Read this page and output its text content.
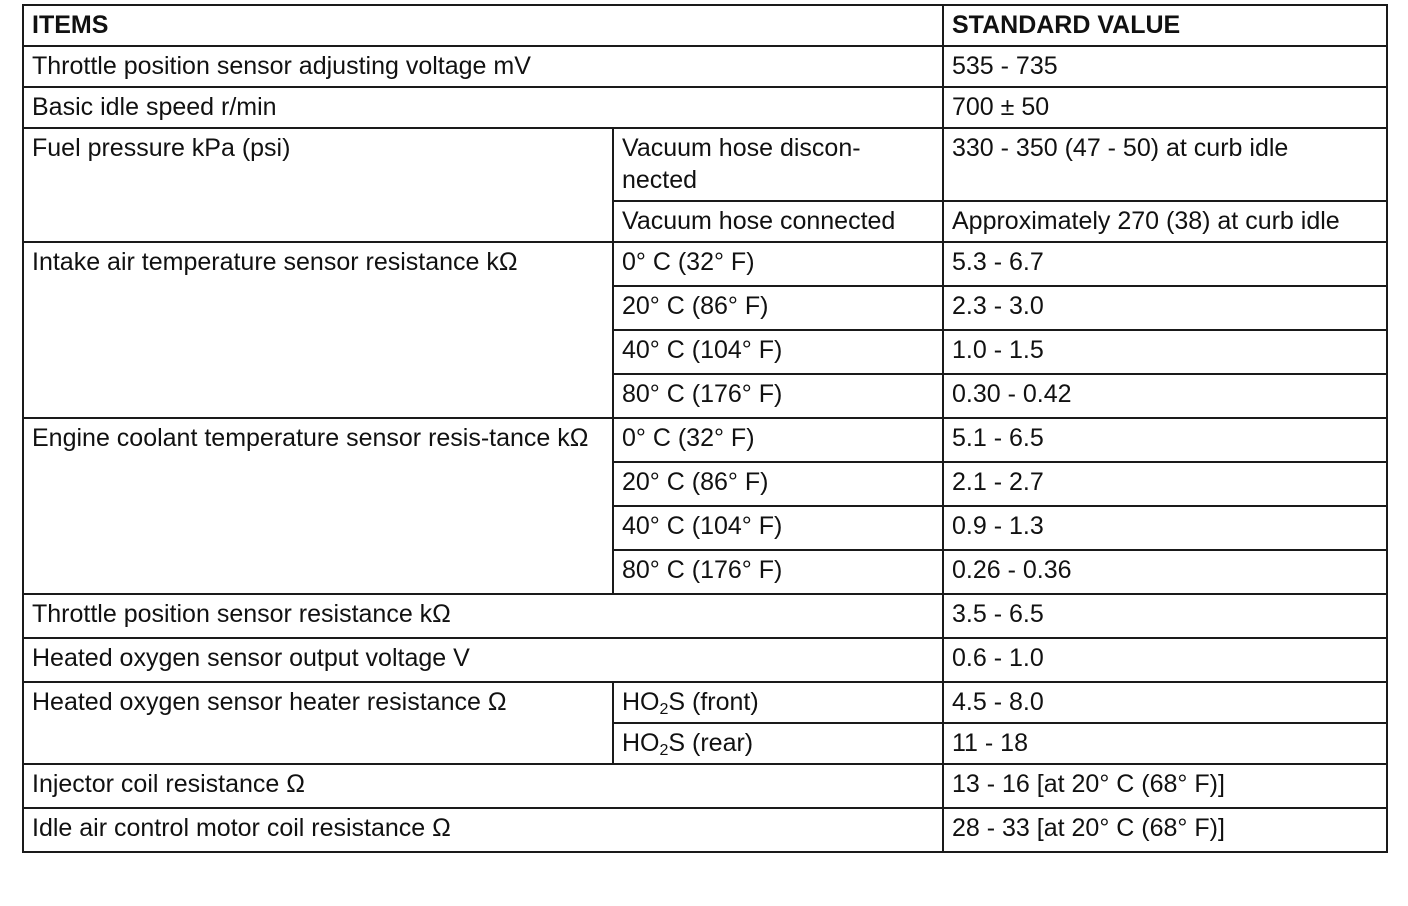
ITEMS		STANDARD VALUE
Throttle position sensor adjusting voltage mV		535 - 735
Basic idle speed r/min		700 ± 50
Fuel pressure kPa (psi)	Vacuum hose discon-nected	330 - 350 (47 - 50) at curb idle
	Vacuum hose connected	Approximately 270 (38) at curb idle
Intake air temperature sensor resistance kΩ	0° C (32° F)	5.3 - 6.7
	20° C (86° F)	2.3 - 3.0
	40° C (104° F)	1.0 - 1.5
	80° C (176° F)	0.30 - 0.42
Engine coolant temperature sensor resis-tance kΩ	0° C (32° F)	5.1 - 6.5
	20° C (86° F)	2.1 - 2.7
	40° C (104° F)	0.9 - 1.3
	80° C (176° F)	0.26 - 0.36
Throttle position sensor resistance kΩ		3.5 - 6.5
Heated oxygen sensor output voltage V		0.6 - 1.0
Heated oxygen sensor heater resistance Ω	$HO_2S$ (front)	4.5 - 8.0
	$HO_2S$ (rear)	11 - 18
Injector coil resistance Ω		13 - 16 [at 20° C (68° F)]
Idle air control motor coil resistance Ω		28 - 33 [at 20° C (68° F)]
